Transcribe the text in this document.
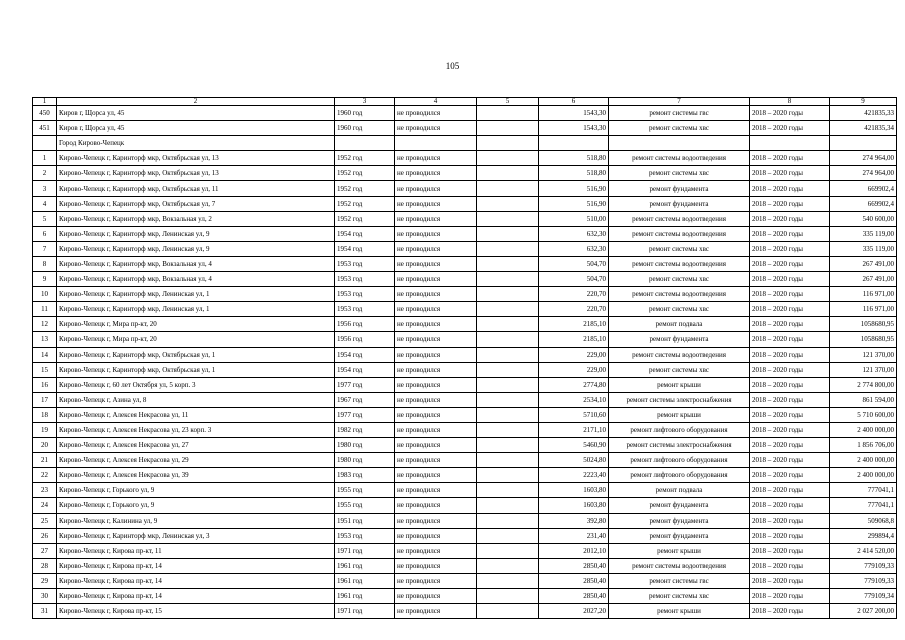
105
1	2	3	4	5	6	7	8	9
450	Киров г, Щорса ул, 45	1960 год	не проводился		1543,30	ремонт системы гвс	2018 – 2020 годы	421835,33
451	Киров г, Щорса ул, 45	1960 год	не проводился		1543,30	ремонт системы хвс	2018 – 2020 годы	421835,34
	Город Кирово-Чепецк							
1	Кирово-Чепецк г, Каринторф мкр, Октябрьская ул, 13	1952 год	не проводился		518,80	ремонт системы водоотведения	2018 – 2020 годы	274 964,00
2	Кирово-Чепецк г, Каринторф мкр, Октябрьская ул, 13	1952 год	не проводился		518,80	ремонт системы хвс	2018 – 2020 годы	274 964,00
3	Кирово-Чепецк г, Каринторф мкр, Октябрьская ул, 11	1952 год	не проводился		516,90	ремонт фундамента	2018 – 2020 годы	669902,4
4	Кирово-Чепецк г, Каринторф мкр, Октябрьская ул, 7	1952 год	не проводился		516,90	ремонт фундамента	2018 – 2020 годы	669902,4
5	Кирово-Чепецк г, Каринторф мкр, Вокзальная ул, 2	1952 год	не проводился		510,00	ремонт системы водоотведения	2018 – 2020 годы	540 600,00
6	Кирово-Чепецк г, Каринторф мкр, Ленинская ул, 9	1954 год	не проводился		632,30	ремонт системы водоотведения	2018 – 2020 годы	335 119,00
7	Кирово-Чепецк г, Каринторф мкр, Ленинская ул, 9	1954 год	не проводился		632,30	ремонт системы хвс	2018 – 2020 годы	335 119,00
8	Кирово-Чепецк г, Каринторф мкр, Вокзальная ул, 4	1953 год	не проводился		504,70	ремонт системы водоотведения	2018 – 2020 годы	267 491,00
9	Кирово-Чепецк г, Каринторф мкр, Вокзальная ул, 4	1953 год	не проводился		504,70	ремонт системы хвс	2018 – 2020 годы	267 491,00
10	Кирово-Чепецк г, Каринторф мкр, Ленинская ул, 1	1953 год	не проводился		220,70	ремонт системы водоотведения	2018 – 2020 годы	116 971,00
11	Кирово-Чепецк г, Каринторф мкр, Ленинская ул, 1	1953 год	не проводился		220,70	ремонт системы хвс	2018 – 2020 годы	116 971,00
12	Кирово-Чепецк г, Мира пр-кт, 20	1956 год	не проводился		2185,10	ремонт подвала	2018 – 2020 годы	1058680,95
13	Кирово-Чепецк г, Мира пр-кт, 20	1956 год	не проводился		2185,10	ремонт фундамента	2018 – 2020 годы	1058680,95
14	Кирово-Чепецк г, Каринторф мкр, Октябрьская ул, 1	1954 год	не проводился		229,00	ремонт системы водоотведения	2018 – 2020 годы	121 370,00
15	Кирово-Чепецк г, Каринторф мкр, Октябрьская ул, 1	1954 год	не проводился		229,00	ремонт системы хвс	2018 – 2020 годы	121 370,00
16	Кирово-Чепецк г, 60 лет Октября ул, 5 корп. 3	1977 год	не проводился		2774,80	ремонт крыши	2018 – 2020 годы	2 774 800,00
17	Кирово-Чепецк г, Азина ул, 8	1967 год	не проводился		2534,10	ремонт системы электроснабжения	2018 – 2020 годы	861 594,00
18	Кирово-Чепецк г, Алексея Некрасова ул, 11	1977 год	не проводился		5710,60	ремонт крыши	2018 – 2020 годы	5 710 600,00
19	Кирово-Чепецк г, Алексея Некрасова ул, 23 корп. 3	1982 год	не проводился		2171,10	ремонт лифтового оборудования	2018 – 2020 годы	2 400 000,00
20	Кирово-Чепецк г, Алексея Некрасова ул, 27	1980 год	не проводился		5460,90	ремонт системы электроснабжения	2018 – 2020 годы	1 856 706,00
21	Кирово-Чепецк г, Алексея Некрасова ул, 29	1980 год	не проводился		5024,80	ремонт лифтового оборудования	2018 – 2020 годы	2 400 000,00
22	Кирово-Чепецк г, Алексея Некрасова ул, 39	1983 год	не проводился		2223,40	ремонт лифтового оборудования	2018 – 2020 годы	2 400 000,00
23	Кирово-Чепецк г, Горького ул, 9	1955 год	не проводился		1603,80	ремонт подвала	2018 – 2020 годы	777041,1
24	Кирово-Чепецк г, Горького ул, 9	1955 год	не проводился		1603,80	ремонт фундамента	2018 – 2020 годы	777041,1
25	Кирово-Чепецк г, Калинина ул, 9	1951 год	не проводился		392,80	ремонт фундамента	2018 – 2020 годы	509068,8
26	Кирово-Чепецк г, Каринторф мкр, Ленинская ул, 3	1953 год	не проводился		231,40	ремонт фундамента	2018 – 2020 годы	299894,4
27	Кирово-Чепецк г, Кирова пр-кт, 11	1971 год	не проводился		2012,10	ремонт крыши	2018 – 2020 годы	2 414 520,00
28	Кирово-Чепецк г, Кирова пр-кт, 14	1961 год	не проводился		2850,40	ремонт системы водоотведения	2018 – 2020 годы	779109,33
29	Кирово-Чепецк г, Кирова пр-кт, 14	1961 год	не проводился		2850,40	ремонт системы гвс	2018 – 2020 годы	779109,33
30	Кирово-Чепецк г, Кирова пр-кт, 14	1961 год	не проводился		2850,40	ремонт системы хвс	2018 – 2020 годы	779109,34
31	Кирово-Чепецк г, Кирова пр-кт, 15	1971 год	не проводился		2027,20	ремонт крыши	2018 – 2020 годы	2 027 200,00
